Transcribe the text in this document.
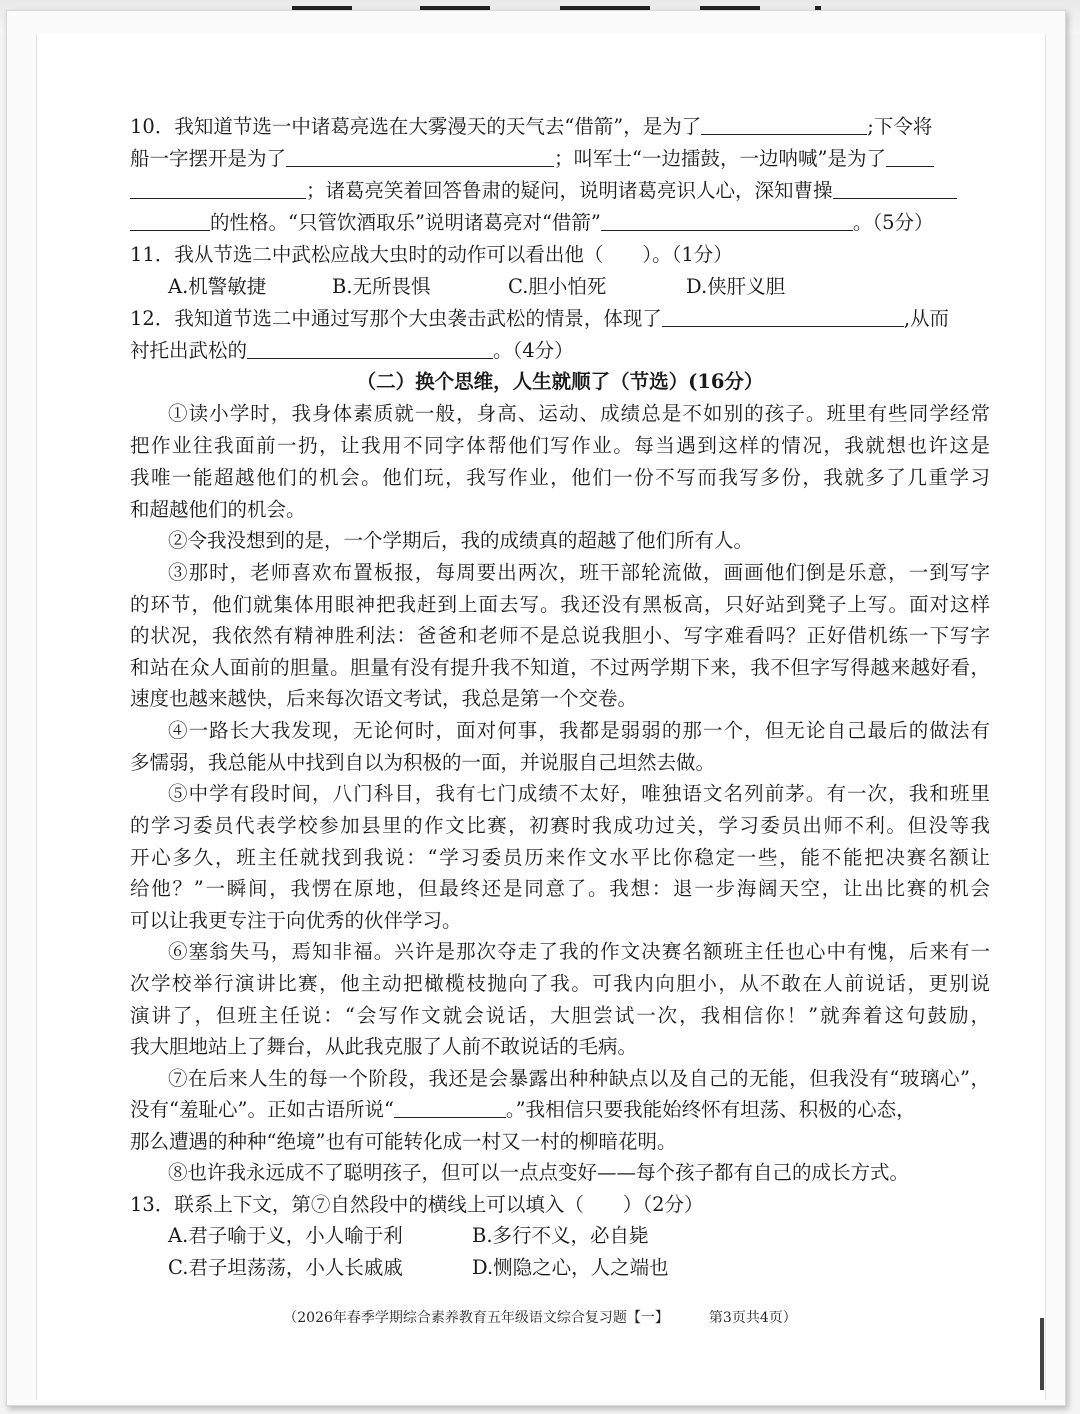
10．我知道节选一中诸葛亮选在大雾漫天的天气去“借箭”，是为了	;下令将
船一字摆开是为了	；叫军士“一边擂鼓，一边呐喊”是为了
；诸葛亮笑着回答鲁肃的疑问，说明诸葛亮识人心，深知曹操
的性格。“只管饮酒取乐”说明诸葛亮对“借箭”	。（5分）
11．我从节选二中武松应战大虫时的动作可以看出他（　　）。（1分）
A.机警敏捷	B.无所畏惧	C.胆小怕死	D.侠肝义胆
12．我知道节选二中通过写那个大虫袭击武松的情景，体现了	,从而
衬托出武松的	。（4分）
（二）换个思维，人生就顺了（节选）(16分）
①读小学时，我身体素质就一般，身高、运动、成绩总是不如别的孩子。班里有些同学经常
把作业往我面前一扔，让我用不同字体帮他们写作业。每当遇到这样的情况，我就想也许这是
我唯一能超越他们的机会。他们玩，我写作业，他们一份不写而我写多份，我就多了几重学习
和超越他们的机会。
②令我没想到的是，一个学期后，我的成绩真的超越了他们所有人。
③那时，老师喜欢布置板报，每周要出两次，班干部轮流做，画画他们倒是乐意，一到写字
的环节，他们就集体用眼神把我赶到上面去写。我还没有黑板高，只好站到凳子上写。面对这样
的状况，我依然有精神胜利法：爸爸和老师不是总说我胆小、写字难看吗？正好借机练一下写字
和站在众人面前的胆量。胆量有没有提升我不知道，不过两学期下来，我不但字写得越来越好看，
速度也越来越快，后来每次语文考试，我总是第一个交卷。
④一路长大我发现，无论何时，面对何事，我都是弱弱的那一个，但无论自己最后的做法有
多懦弱，我总能从中找到自以为积极的一面，并说服自己坦然去做。
⑤中学有段时间，八门科目，我有七门成绩不太好，唯独语文名列前茅。有一次，我和班里
的学习委员代表学校参加县里的作文比赛，初赛时我成功过关，学习委员出师不利。但没等我
开心多久，班主任就找到我说：“学习委员历来作文水平比你稳定一些，能不能把决赛名额让
给他？”一瞬间，我愣在原地，但最终还是同意了。我想：退一步海阔天空，让出比赛的机会
可以让我更专注于向优秀的伙伴学习。
⑥塞翁失马，焉知非福。兴许是那次夺走了我的作文决赛名额班主任也心中有愧，后来有一
次学校举行演讲比赛，他主动把橄榄枝抛向了我。可我内向胆小，从不敢在人前说话，更别说
演讲了，但班主任说：“会写作文就会说话，大胆尝试一次，我相信你！”就奔着这句鼓励，
我大胆地站上了舞台，从此我克服了人前不敢说话的毛病。
⑦在后来人生的每一个阶段，我还是会暴露出种种缺点以及自己的无能，但我没有“玻璃心”，
没有“羞耻心”。正如古语所说“	。”我相信只要我能始终怀有坦荡、积极的心态，
那么遭遇的种种“绝境”也有可能转化成一村又一村的柳暗花明。
⑧也许我永远成不了聪明孩子，但可以一点点变好——每个孩子都有自己的成长方式。
13．联系上下文，第⑦自然段中的横线上可以填入（　　）（2分）
A.君子喻于义，小人喻于利	B.多行不义，必自毙
C.君子坦荡荡，小人长戚戚	D.恻隐之心，人之端也
（2026年春季学期综合素养教育五年级语文综合复习题【一】	第3页共4页）
